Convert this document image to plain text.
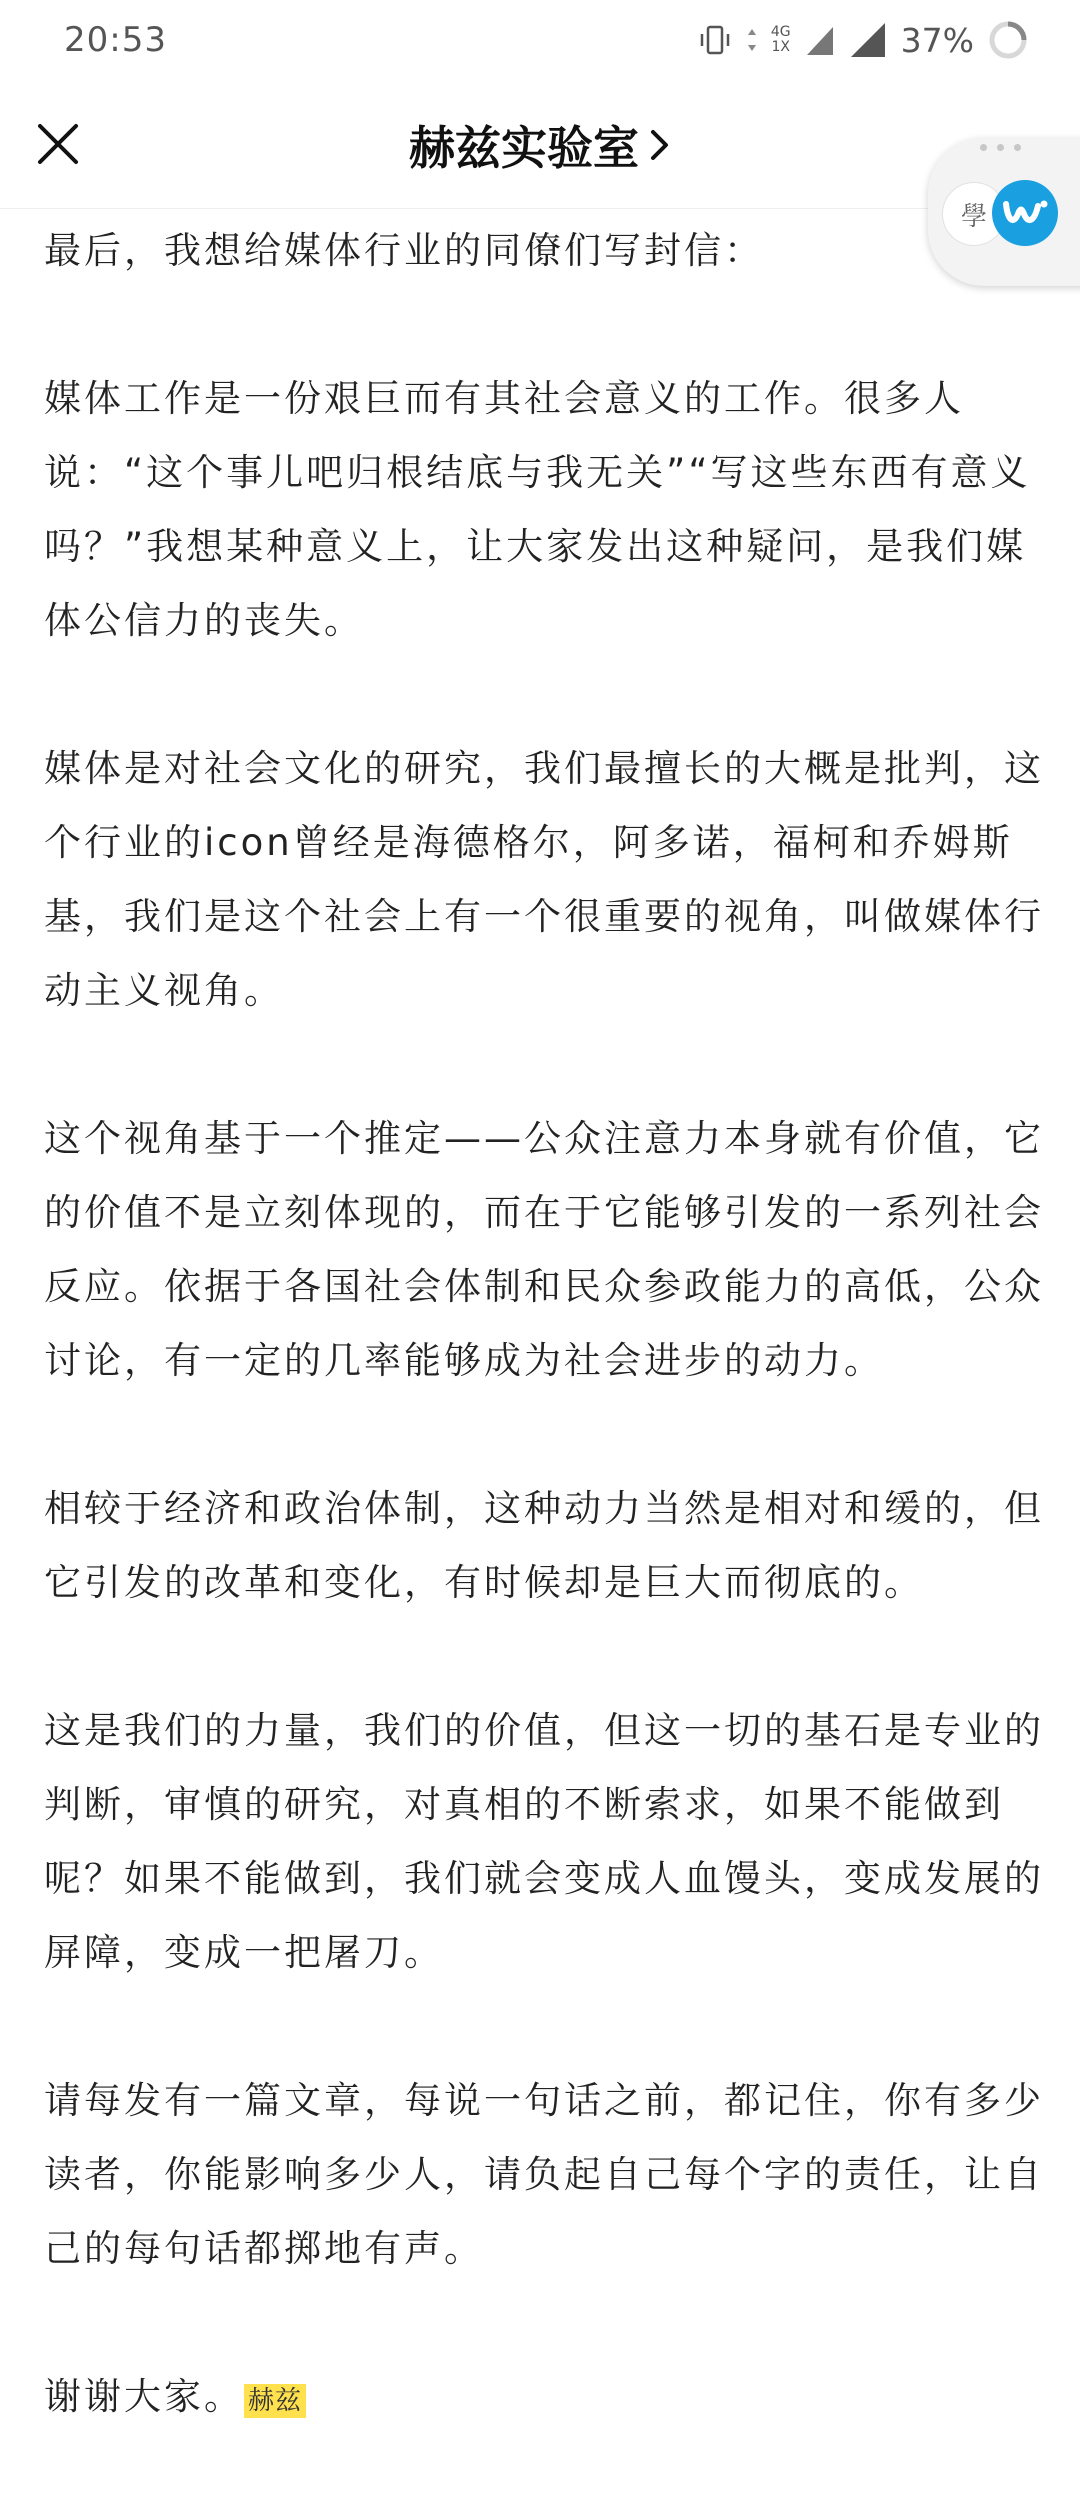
20:53	4G
1X	37%
赫兹实验室
學

最后，我想给媒体行业的同僚们写封信：

媒体工作是一份艰巨而有其社会意义的工作。很多人说：“这个事儿吧归根结底与我无关”“写这些东西有意义吗？”我想某种意义上，让大家发出这种疑问，是我们媒体公信力的丧失。

媒体是对社会文化的研究，我们最擅长的大概是批判，这个行业的icon曾经是海德格尔，阿多诺，福柯和乔姆斯基，我们是这个社会上有一个很重要的视角，叫做媒体行动主义视角。

这个视角基于一个推定——公众注意力本身就有价值，它的价值不是立刻体现的，而在于它能够引发的一系列社会反应。依据于各国社会体制和民众参政能力的高低，公众讨论，有一定的几率能够成为社会进步的动力。

相较于经济和政治体制，这种动力当然是相对和缓的，但它引发的改革和变化，有时候却是巨大而彻底的。

这是我们的力量，我们的价值，但这一切的基石是专业的判断，审慎的研究，对真相的不断索求，如果不能做到呢？如果不能做到，我们就会变成人血馒头，变成发展的屏障，变成一把屠刀。

请每发有一篇文章，每说一句话之前，都记住，你有多少读者，你能影响多少人，请负起自己每个字的责任，让自己的每句话都掷地有声。

谢谢大家。 赫兹
